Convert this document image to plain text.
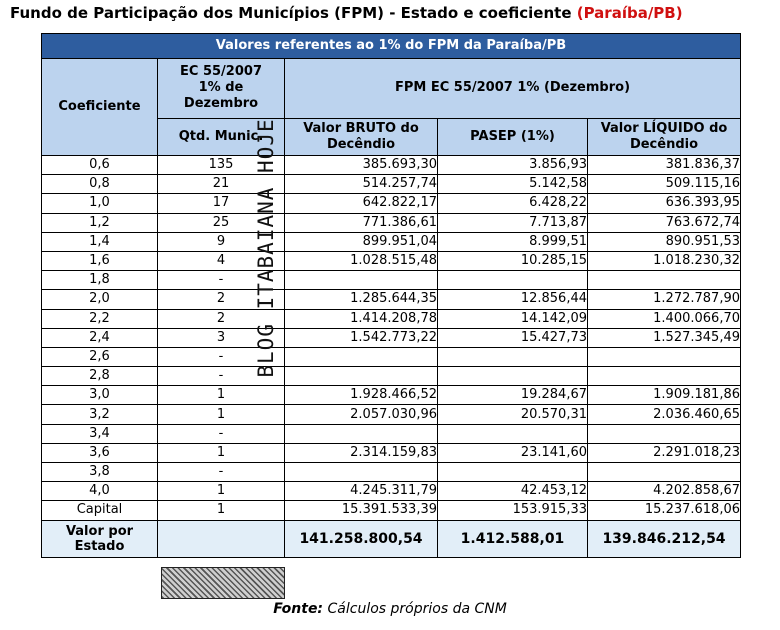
Fundo de Participação dos Municípios (FPM) - Estado e coeficiente (Paraíba/PB)
Valores referentes ao 1% do FPM da Paraíba/PB				
Coeficiente	EC 55/2007 1% de Dezembro	FPM EC 55/2007 1% (Dezembro)		
	Qtd. Munic.	Valor BRUTO do Decêndio	PASEP (1%)	Valor LÍQUIDO do Decêndio
0,6	135	385.693,30	3.856,93	381.836,37
0,8	21	514.257,74	5.142,58	509.115,16
1,0	17	642.822,17	6.428,22	636.393,95
1,2	25	771.386,61	7.713,87	763.672,74
1,4	9	899.951,04	8.999,51	890.951,53
1,6	4	1.028.515,48	10.285,15	1.018.230,32
1,8	-			
2,0	2	1.285.644,35	12.856,44	1.272.787,90
2,2	2	1.414.208,78	14.142,09	1.400.066,70
2,4	3	1.542.773,22	15.427,73	1.527.345,49
2,6	-			
2,8	-			
3,0	1	1.928.466,52	19.284,67	1.909.181,86
3,2	1	2.057.030,96	20.570,31	2.036.460,65
3,4	-			
3,6	1	2.314.159,83	23.141,60	2.291.018,23
3,8	-			
4,0	1	4.245.311,79	42.453,12	4.202.858,67
Capital	1	15.391.533,39	153.915,33	15.237.618,06
Valor por Estado		141.258.800,54	1.412.588,01	139.846.212,54
BLOG ITABAIANA HOJE
Fonte: Cálculos próprios da CNM
